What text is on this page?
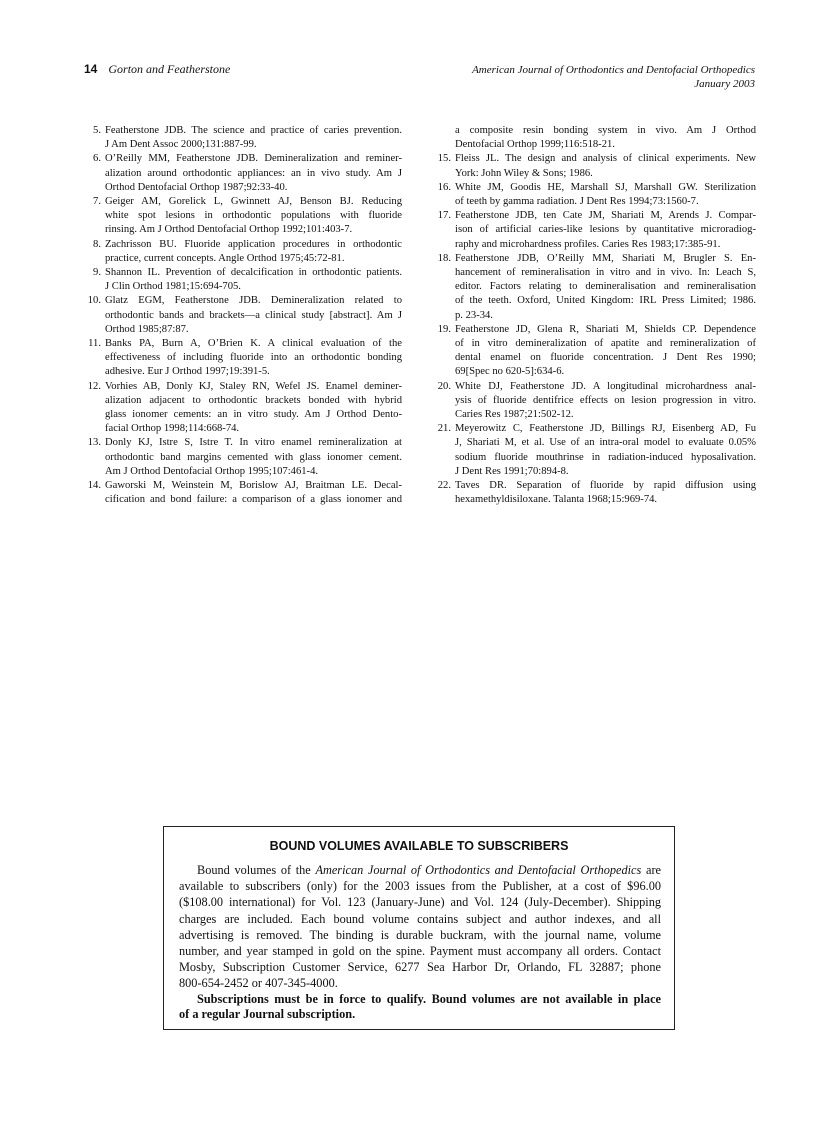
14 Gorton and Featherstone	American Journal of Orthodontics and Dentofacial Orthopedics
January 2003
5. Featherstone JDB. The science and practice of caries prevention.
J Am Dent Assoc 2000;131:887-99.
6. O’Reilly MM, Featherstone JDB. Demineralization and reminer-
alization around orthodontic appliances: an in vivo study. Am J
Orthod Dentofacial Orthop 1987;92:33-40.
7. Geiger AM, Gorelick L, Gwinnett AJ, Benson BJ. Reducing
white spot lesions in orthodontic populations with fluoride
rinsing. Am J Orthod Dentofacial Orthop 1992;101:403-7.
8. Zachrisson BU. Fluoride application procedures in orthodontic
practice, current concepts. Angle Orthod 1975;45:72-81.
9. Shannon IL. Prevention of decalcification in orthodontic patients.
J Clin Orthod 1981;15:694-705.
10. Glatz EGM, Featherstone JDB. Demineralization related to
orthodontic bands and brackets—a clinical study [abstract]. Am J
Orthod 1985;87:87.
11. Banks PA, Burn A, O’Brien K. A clinical evaluation of the
effectiveness of including fluoride into an orthodontic bonding
adhesive. Eur J Orthod 1997;19:391-5.
12. Vorhies AB, Donly KJ, Staley RN, Wefel JS. Enamel deminer-
alization adjacent to orthodontic brackets bonded with hybrid
glass ionomer cements: an in vitro study. Am J Orthod Dento-
facial Orthop 1998;114:668-74.
13. Donly KJ, Istre S, Istre T. In vitro enamel remineralization at
orthodontic band margins cemented with glass ionomer cement.
Am J Orthod Dentofacial Orthop 1995;107:461-4.
14. Gaworski M, Weinstein M, Borislow AJ, Braitman LE. Decal-
cification and bond failure: a comparison of a glass ionomer and
a composite resin bonding system in vivo. Am J Orthod
Dentofacial Orthop 1999;116:518-21.
15. Fleiss JL. The design and analysis of clinical experiments. New
York: John Wiley & Sons; 1986.
16. White JM, Goodis HE, Marshall SJ, Marshall GW. Sterilization
of teeth by gamma radiation. J Dent Res 1994;73:1560-7.
17. Featherstone JDB, ten Cate JM, Shariati M, Arends J. Compar-
ison of artificial caries-like lesions by quantitative microradiog-
raphy and microhardness profiles. Caries Res 1983;17:385-91.
18. Featherstone JDB, O’Reilly MM, Shariati M, Brugler S. En-
hancement of remineralisation in vitro and in vivo. In: Leach S,
editor. Factors relating to demineralisation and remineralisation
of the teeth. Oxford, United Kingdom: IRL Press Limited; 1986.
p. 23-34.
19. Featherstone JD, Glena R, Shariati M, Shields CP. Dependence
of in vitro demineralization of apatite and remineralization of
dental enamel on fluoride concentration. J Dent Res 1990;
69[Spec no 620-5]:634-6.
20. White DJ, Featherstone JD. A longitudinal microhardness anal-
ysis of fluoride dentifrice effects on lesion progression in vitro.
Caries Res 1987;21:502-12.
21. Meyerowitz C, Featherstone JD, Billings RJ, Eisenberg AD, Fu
J, Shariati M, et al. Use of an intra-oral model to evaluate 0.05%
sodium fluoride mouthrinse in radiation-induced hyposalivation.
J Dent Res 1991;70:894-8.
22. Taves DR. Separation of fluoride by rapid diffusion using
hexamethyldisiloxane. Talanta 1968;15:969-74.
BOUND VOLUMES AVAILABLE TO SUBSCRIBERS
Bound volumes of the American Journal of Orthodontics and Dentofacial Orthopedics are
available to subscribers (only) for the 2003 issues from the Publisher, at a cost of $96.00
($108.00 international) for Vol. 123 (January-June) and Vol. 124 (July-December). Shipping
charges are included. Each bound volume contains subject and author indexes, and all
advertising is removed. The binding is durable buckram, with the journal name, volume
number, and year stamped in gold on the spine. Payment must accompany all orders. Contact
Mosby, Subscription Customer Service, 6277 Sea Harbor Dr, Orlando, FL 32887; phone
800-654-2452 or 407-345-4000.
Subscriptions must be in force to qualify. Bound volumes are not available in place
of a regular Journal subscription.
